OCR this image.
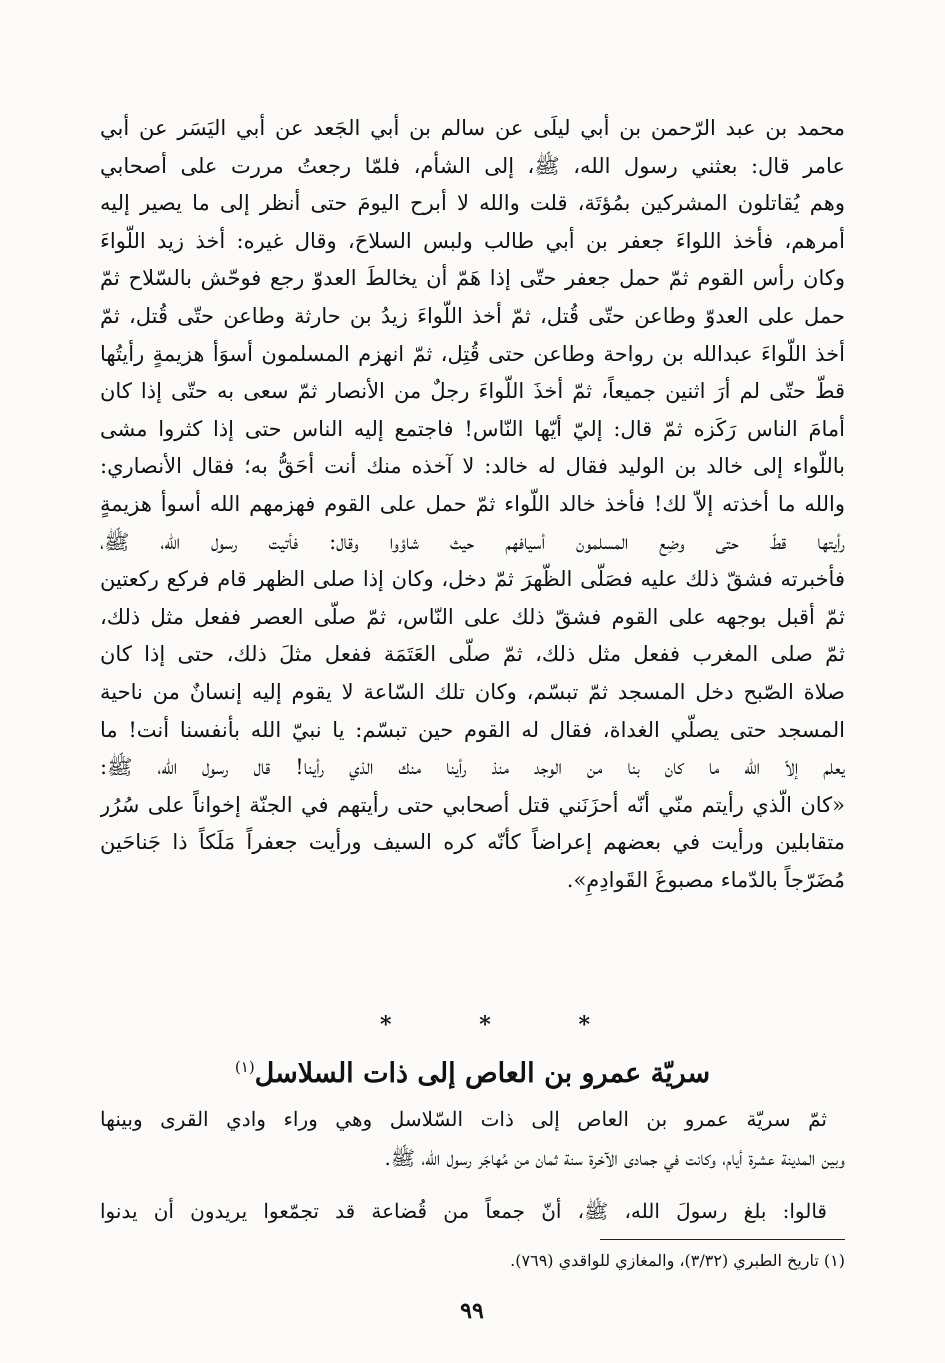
محمد بن عبد الرّحمن بن أبي ليلَى عن سالم بن أبي الجَعد عن أبي اليَسَر عن أبي
عامر قال: بعثني رسول الله، ﷺ، إلى الشأم، فلمّا رجعتُ مررت على أصحابي
وهم يُقاتلون المشركين بمُؤتَة، قلت والله لا أبرح اليومَ حتى أنظر إلى ما يصير إليه
أمرهم، فأخذ اللواءَ جعفر بن أبي طالب ولبس السلاحَ، وقال غيره: أخذ زيد اللّواءَ
وكان رأس القوم ثمّ حمل جعفر حتّى إذا هَمّ أن يخالطَ العدوّ رجع فوحّش بالسّلاح ثمّ
حمل على العدوّ وطاعن حتّى قُتل، ثمّ أخذ اللّواءَ زيدُ بن حارثة وطاعن حتّى قُتل، ثمّ
أخذ اللّواءَ عبدالله بن رواحة وطاعن حتى قُتِل، ثمّ انهزم المسلمون أسوَأ هزيمةٍ رأيتُها
قطّ حتّى لم أرَ اثنين جميعاً، ثمّ أخذَ اللّواءَ رجلٌ من الأنصار ثمّ سعى به حتّى إذا كان
أمامَ الناس رَكَزه ثمّ قال: إليّ أيّها النّاس! فاجتمع إليه الناس حتى إذا كثروا مشى
باللّواء إلى خالد بن الوليد فقال له خالد: لا آخذه منك أنت أحَقُّ به؛ فقال الأنصاري:
والله ما أخذته إلاّ لك! فأخذ خالد اللّواء ثمّ حمل على القوم فهزمهم الله أسوأ هزيمةٍ
رأيتها قطّ حتى وضِع المسلمون أسيافهم حيث شاؤوا وقال: فأتيت رسول الله، ﷺ،
فأخبرته فشقّ ذلك عليه فصَلّى الظّهرَ ثمّ دخل، وكان إذا صلى الظهر قام فركع ركعتين
ثمّ أقبل بوجهه على القوم فشقّ ذلك على النّاس، ثمّ صلّى العصر ففعل مثل ذلك،
ثمّ صلى المغرب ففعل مثل ذلك، ثمّ صلّى العَتَمَة ففعل مثلَ ذلك، حتى إذا كان
صلاة الصّبح دخل المسجد ثمّ تبسّم، وكان تلك السّاعة لا يقوم إليه إنسانٌ من ناحية
المسجد حتى يصلّي الغداة، فقال له القوم حين تبسّم: يا نبيّ الله بأنفسنا أنت! ما
يعلم إلاّ الله ما كان بنا من الوجد منذ رأينا منك الذي رأينا! قال رسول الله، ﷺ:
«كان الّذي رأيتم منّي أنّه أحزَنَني قتل أصحابي حتى رأيتهم في الجنّة إخواناً على سُرُر
متقابلين ورأيت في بعضهم إعراضاً كأنّه كره السيف ورأيت جعفراً مَلَكاً ذا جَناحَين
مُضَرّجاً بالدّماء مصبوغَ القَوادِمِ».
*	*	*
سريّة عمرو بن العاص إلى ذات السلاسل$^{(١)}$
ثمّ سريّة عمرو بن العاص إلى ذات السّلاسل وهي وراء وادي القرى وبينها
وبين المدينة عشرة أيام، وكانت في جمادى الآخرة سنة ثمان من مُهاجَر رسول الله، ﷺ.
قالوا: بلغ رسولَ الله، ﷺ، أنّ جمعاً من قُضاعة قد تجمّعوا يريدون أن يدنوا
(١) تاريخ الطبري (٣/٣٢)، والمغازي للواقدي (٧٦٩).
٩٩
